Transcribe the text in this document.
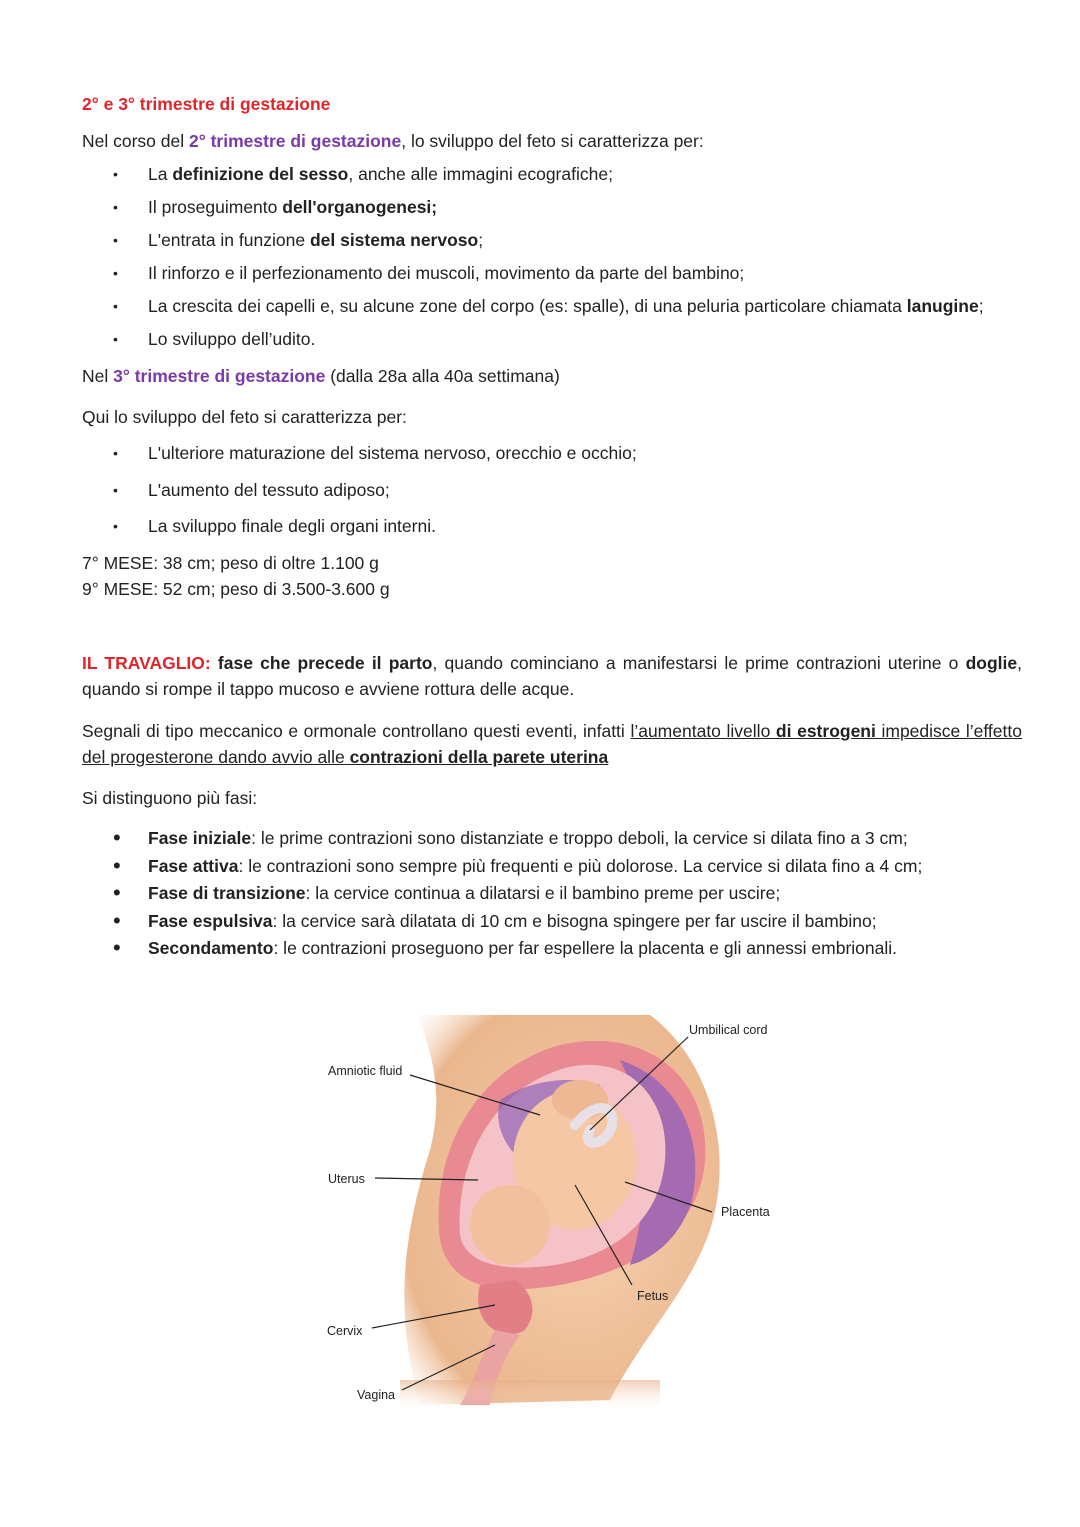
2° e 3° trimestre di gestazione
Nel corso del 2° trimestre di gestazione, lo sviluppo del feto si caratterizza per:
• La definizione del sesso, anche alle immagini ecografiche;
• Il proseguimento dell'organogenesi;
• L'entrata in funzione del sistema nervoso;
• Il rinforzo e il perfezionamento dei muscoli, movimento da parte del bambino;
• La crescita dei capelli e, su alcune zone del corpo (es: spalle), di una peluria particolare chiamata lanugine;
• Lo sviluppo dell’udito.
Nel 3° trimestre di gestazione (dalla 28a alla 40a settimana)
Qui lo sviluppo del feto si caratterizza per:
• L'ulteriore maturazione del sistema nervoso, orecchio e occhio;
• L'aumento del tessuto adiposo;
• La sviluppo finale degli organi interni.
7° MESE: 38 cm; peso di oltre 1.100 g
9° MESE: 52 cm; peso di 3.500-3.600 g
IL TRAVAGLIO: fase che precede il parto, quando cominciano a manifestarsi le prime contrazioni uterine o doglie, quando si rompe il tappo mucoso e avviene rottura delle acque.
Segnali di tipo meccanico e ormonale controllano questi eventi, infatti l’aumentato livello di estrogeni impedisce l’effetto del progesterone dando avvio alle contrazioni della parete uterina
Si distinguono più fasi:
• Fase iniziale: le prime contrazioni sono distanziate e troppo deboli, la cervice si dilata fino a 3 cm;
• Fase attiva: le contrazioni sono sempre più frequenti e più dolorose. La cervice si dilata fino a 4 cm;
• Fase di transizione: la cervice continua a dilatarsi e il bambino preme per uscire;
• Fase espulsiva: la cervice sarà dilatata di 10 cm e bisogna spingere per far uscire il bambino;
• Secondamento: le contrazioni proseguono per far espellere la placenta e gli annessi embrionali.
Amniotic fluid
Umbilical cord
Uterus
Placenta
Fetus
Cervix
Vagina
